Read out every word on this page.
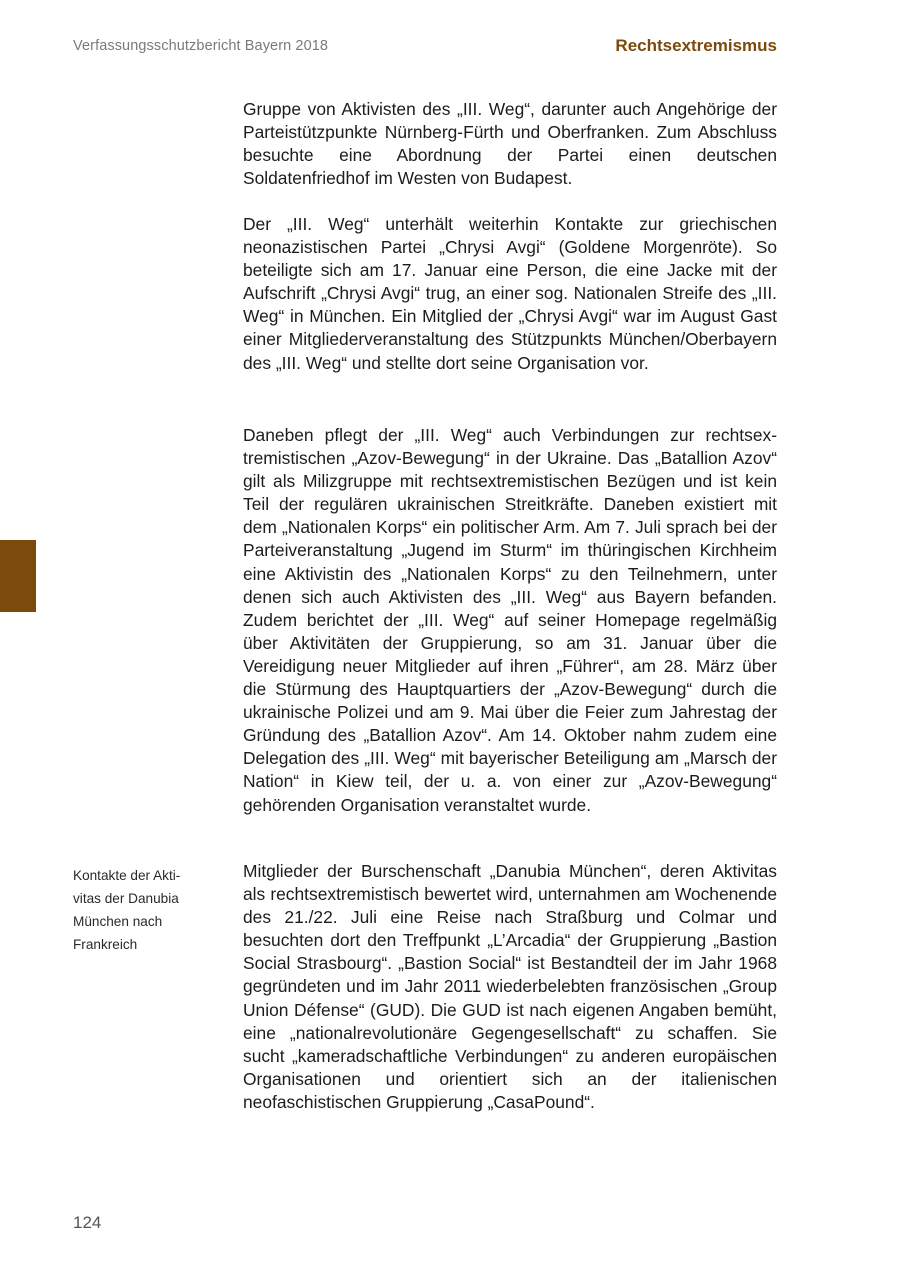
Verfassungsschutzbericht Bayern 2018	Rechtsextremismus
Gruppe von Aktivisten des „III. Weg“, darunter auch Angehörige der Parteistützpunkte Nürnberg-Fürth und Oberfranken. Zum Abschluss besuchte eine Abordnung der Partei einen deutschen Soldatenfriedhof im Westen von Budapest.
Der „III. Weg“ unterhält weiterhin Kontakte zur griechischen neonazistischen Partei „Chrysi Avgi“ (Goldene Morgenröte). So beteiligte sich am 17. Januar eine Person, die eine Jacke mit der Aufschrift „Chrysi Avgi“ trug, an einer sog. Nationalen Streife des „III. Weg“ in München. Ein Mitglied der „Chrysi Avgi“ war im August Gast einer Mitgliederveranstaltung des Stützpunkts München/Oberbayern des „III. Weg“ und stellte dort seine Organisation vor.
Daneben pflegt der „III. Weg“ auch Verbindungen zur rechtsextremistischen „Azov-Bewegung“ in der Ukraine. Das „Batallion Azov“ gilt als Milizgruppe mit rechtsextremistischen Bezügen und ist kein Teil der regulären ukrainischen Streitkräfte. Daneben existiert mit dem „Nationalen Korps“ ein politischer Arm. Am 7. Juli sprach bei der Parteiveranstaltung „Jugend im Sturm“ im thüringischen Kirchheim eine Aktivistin des „Nationalen Korps“ zu den Teilnehmern, unter denen sich auch Aktivisten des „III. Weg“ aus Bayern befanden. Zudem berichtet der „III. Weg“ auf seiner Homepage regelmäßig über Aktivitäten der Gruppierung, so am 31. Januar über die Vereidigung neuer Mitglieder auf ihren „Führer“, am 28. März über die Stürmung des Hauptquartiers der „Azov-Bewegung“ durch die ukrainische Polizei und am 9. Mai über die Feier zum Jahrestag der Gründung des „Batallion Azov“. Am 14. Oktober nahm zudem eine Delegation des „III. Weg“ mit bayerischer Beteiligung am „Marsch der Nation“ in Kiew teil, der u. a. von einer zur „Azov-Bewegung“ gehörenden Organisation veranstaltet wurde.
Kontakte der Aktivitas der Danubia München nach Frankreich
Mitglieder der Burschenschaft „Danubia München“, deren Aktivitas als rechtsextremistisch bewertet wird, unternahmen am Wochenende des 21./22. Juli eine Reise nach Straßburg und Colmar und besuchten dort den Treffpunkt „L’Arcadia“ der Gruppierung „Bastion Social Strasbourg“. „Bastion Social“ ist Bestandteil der im Jahr 1968 gegründeten und im Jahr 2011 wiederbelebten französischen „Group Union Défense“ (GUD). Die GUD ist nach eigenen Angaben bemüht, eine „nationalrevolutionäre Gegengesellschaft“ zu schaffen. Sie sucht „kameradschaftliche Verbindungen“ zu anderen europäischen Organisationen und orientiert sich an der italienischen neofaschistischen Gruppierung „CasaPound“.
124
